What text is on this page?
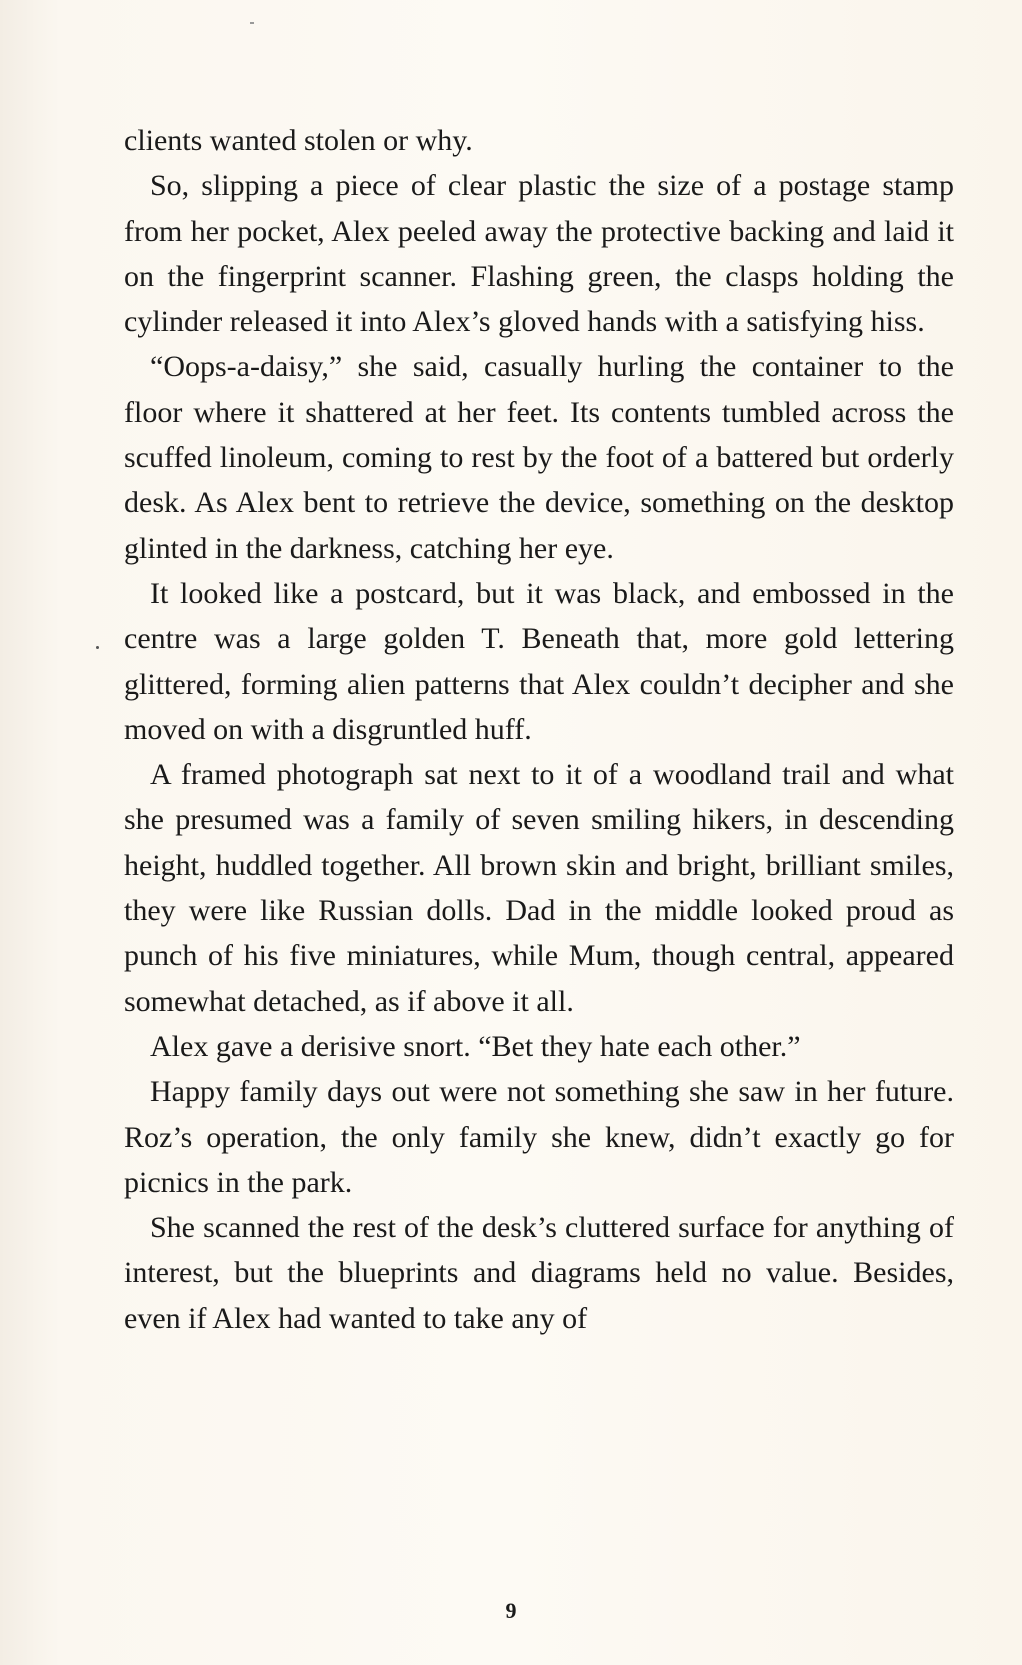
clients wanted stolen or why.

So, slipping a piece of clear plastic the size of a postage stamp from her pocket, Alex peeled away the protective backing and laid it on the fingerprint scanner. Flashing green, the clasps holding the cylinder released it into Alex’s gloved hands with a satisfying hiss.

“Oops-a-daisy,” she said, casually hurling the container to the floor where it shattered at her feet. Its contents tumbled across the scuffed linoleum, coming to rest by the foot of a battered but orderly desk. As Alex bent to retrieve the device, something on the desktop glinted in the darkness, catching her eye.

It looked like a postcard, but it was black, and embossed in the centre was a large golden T. Beneath that, more gold lettering glittered, forming alien patterns that Alex couldn’t decipher and she moved on with a disgruntled huff.

A framed photograph sat next to it of a woodland trail and what she presumed was a family of seven smiling hikers, in descending height, huddled together. All brown skin and bright, brilliant smiles, they were like Russian dolls. Dad in the middle looked proud as punch of his five miniatures, while Mum, though central, appeared somewhat detached, as if above it all.

Alex gave a derisive snort. “Bet they hate each other.”

Happy family days out were not something she saw in her future. Roz’s operation, the only family she knew, didn’t exactly go for picnics in the park.

She scanned the rest of the desk’s cluttered surface for anything of interest, but the blueprints and diagrams held no value. Besides, even if Alex had wanted to take any of

9
